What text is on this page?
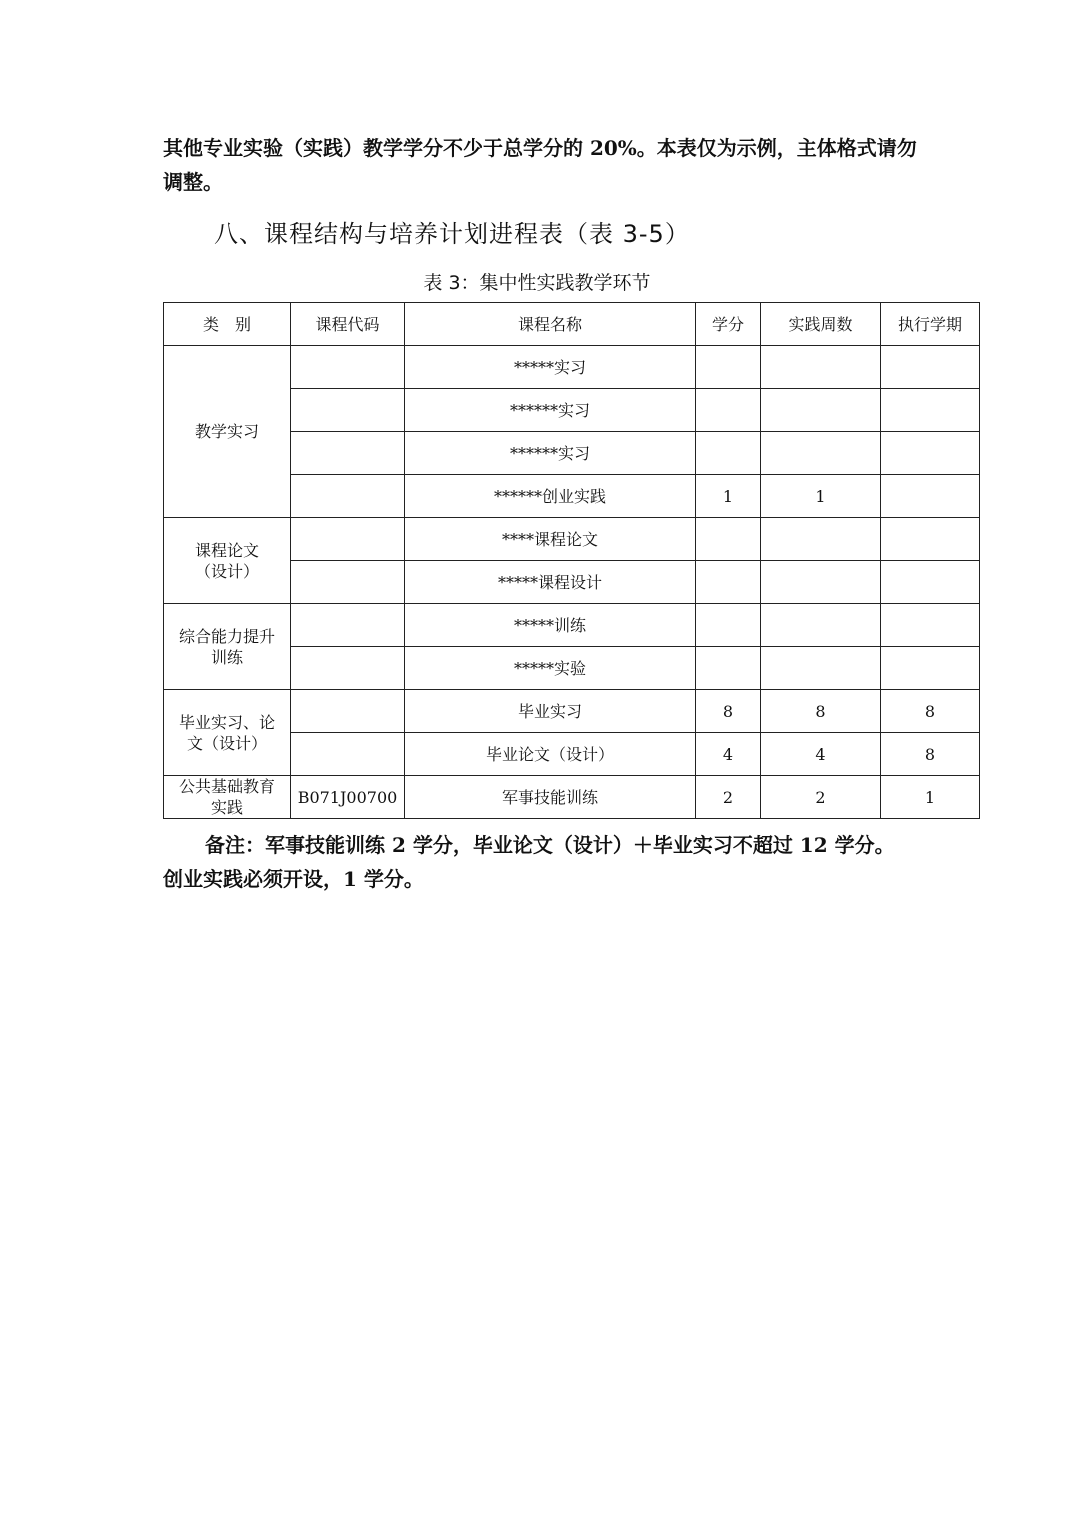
其他专业实验（实践）教学学分不少于总学分的 20%。本表仅为示例，主体格式请勿调整。
八、课程结构与培养计划进程表（表 3-5）
表 3：集中性实践教学环节
类　别	课程代码	课程名称	学分	实践周数	执行学期
教学实习		*****实习			
		******实习			
		******实习			
		******创业实践	1	1	
课程论文（设计）		****课程论文			
		*****课程设计			
综合能力提升训练		*****训练			
		*****实验			
毕业实习、论文（设计）		毕业实习	8	8	8
		毕业论文（设计）	4	4	8
公共基础教育实践	B071J00700	军事技能训练	2	2	1
备注：军事技能训练 2 学分，毕业论文（设计）＋毕业实习不超过 12 学分。
创业实践必须开设，1 学分。
